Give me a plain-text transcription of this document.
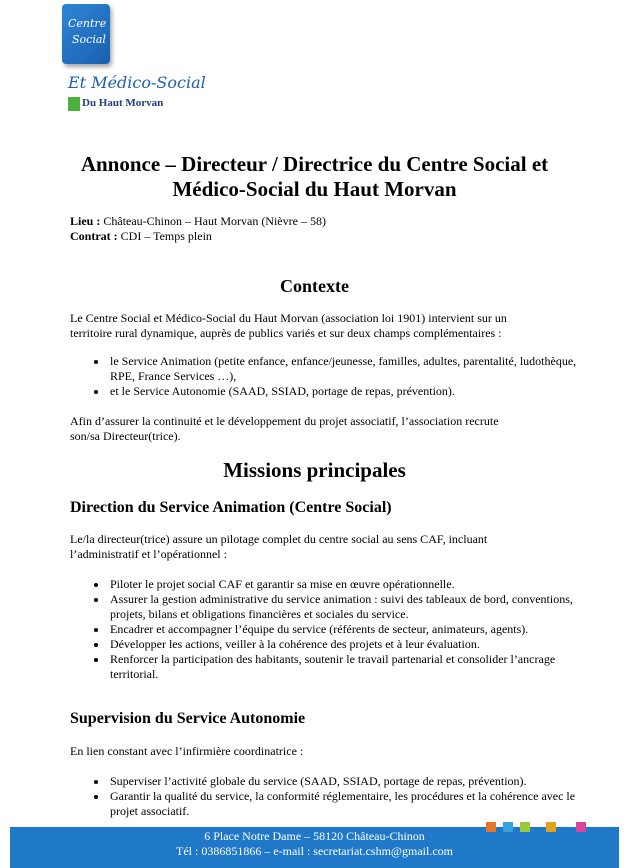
Centre
Social
Et Médico-Social
Du Haut Morvan
Annonce – Directeur / Directrice du Centre Social et
Médico-Social du Haut Morvan
Lieu : Château-Chinon – Haut Morvan (Nièvre – 58)
Contrat : CDI – Temps plein
Contexte
Le Centre Social et Médico-Social du Haut Morvan (association loi 1901) intervient sur un
territoire rural dynamique, auprès de publics variés et sur deux champs complémentaires :
• le Service Animation (petite enfance, enfance/jeunesse, familles, adultes, parentalité, ludothèque, RPE, France Services …),
• et le Service Autonomie (SAAD, SSIAD, portage de repas, prévention).
Afin d’assurer la continuité et le développement du projet associatif, l’association recrute
son/sa Directeur(trice).
Missions principales
Direction du Service Animation (Centre Social)
Le/la directeur(trice) assure un pilotage complet du centre social au sens CAF, incluant
l’administratif et l’opérationnel :
• Piloter le projet social CAF et garantir sa mise en œuvre opérationnelle.
• Assurer la gestion administrative du service animation : suivi des tableaux de bord, conventions, projets, bilans et obligations financières et sociales du service.
• Encadrer et accompagner l’équipe du service (référents de secteur, animateurs, agents).
• Développer les actions, veiller à la cohérence des projets et à leur évaluation.
• Renforcer la participation des habitants, soutenir le travail partenarial et consolider l’ancrage territorial.
Supervision du Service Autonomie
En lien constant avec l’infirmière coordinatrice :
• Superviser l’activité globale du service (SAAD, SSIAD, portage de repas, prévention).
• Garantir la qualité du service, la conformité réglementaire, les procédures et la cohérence avec le projet associatif.
6 Place Notre Dame – 58120 Château-Chinon
Tél : 0386851866 – e-mail : secretariat.cshm@gmail.com
